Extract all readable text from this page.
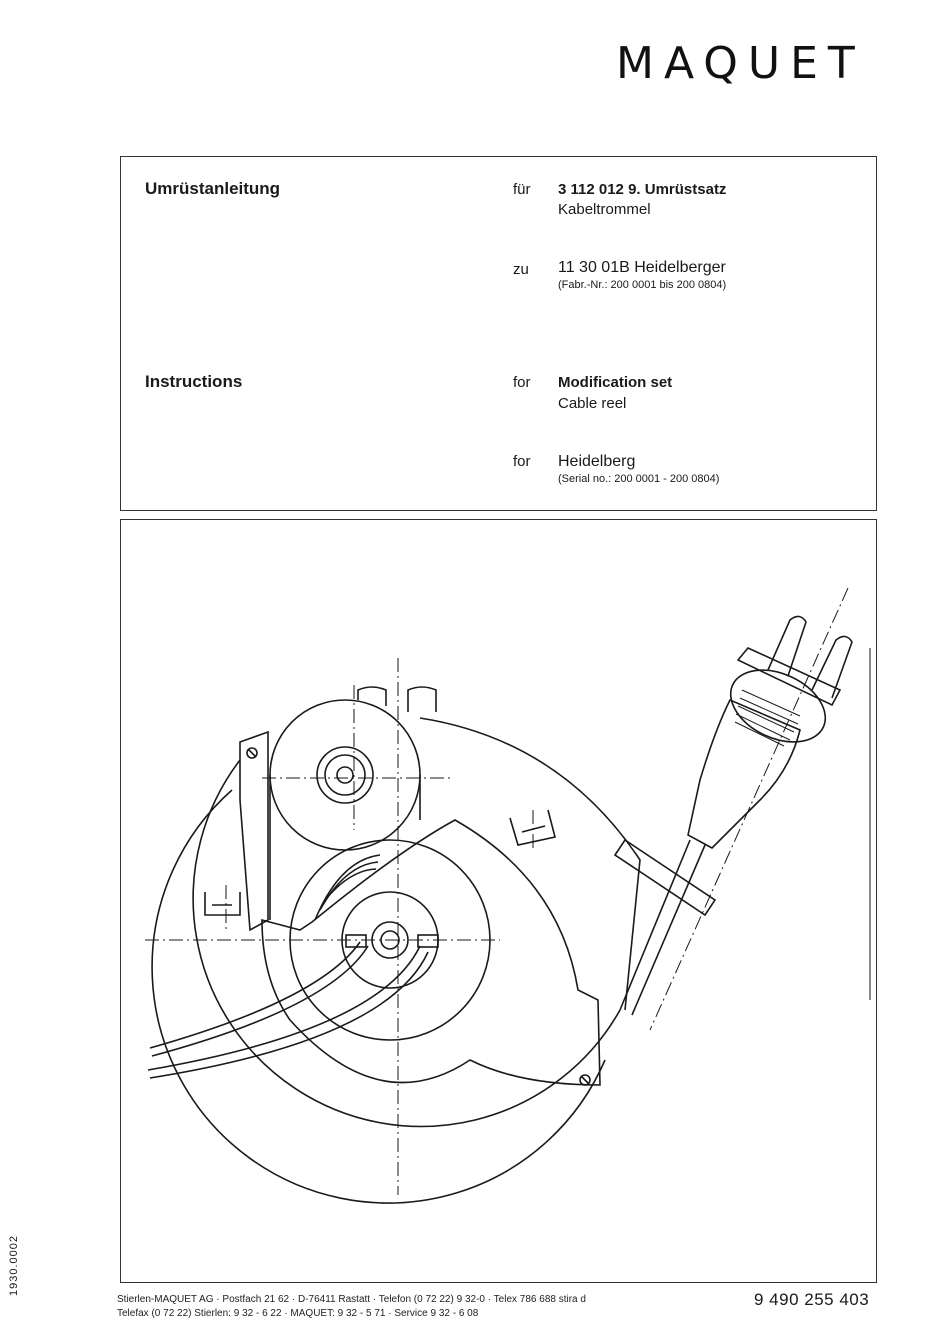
MAQUET
1930.0002
Umrüstanleitung	für 3 112 012 9. Umrüstsatz
Kabeltrommel
zu 11 30 01B Heidelberger
(Fabr.-Nr.: 200 0001 bis 200 0804)
Instructions	for Modification set
Cable reel
for Heidelberg
(Serial no.: 200 0001 - 200 0804)
Stierlen-MAQUET AG · Postfach 21 62 · D-76411 Rastatt · Telefon (0 72 22) 9 32-0 · Telex 786 688 stira d
Telefax (0 72 22) Stierlen: 9 32 - 6 22 · MAQUET: 9 32 - 5 71 · Service 9 32 - 6 08
9 490 255 403
